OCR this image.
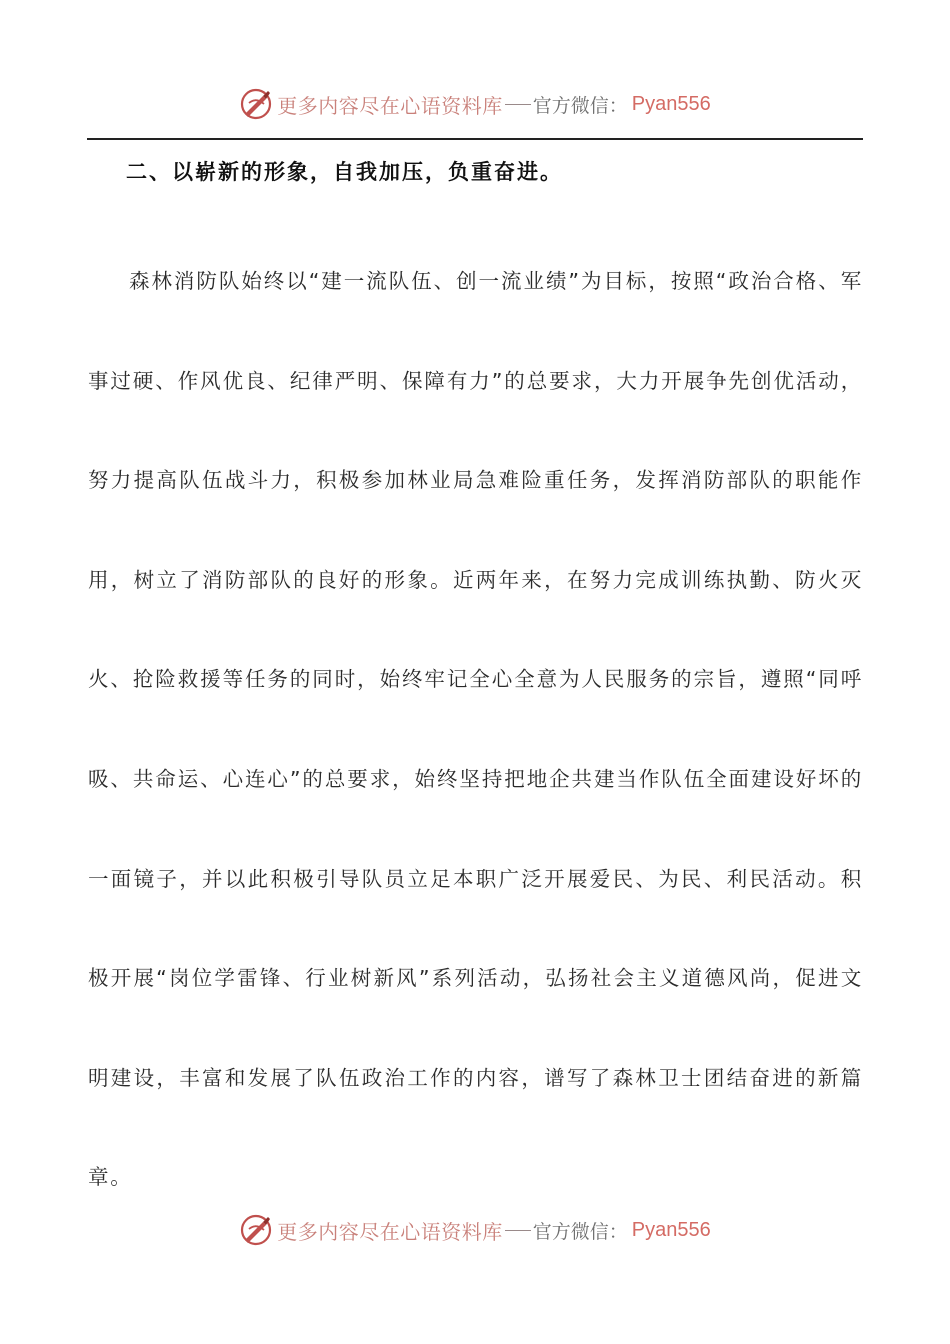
更多内容尽在心语资料库 官方微信： Pyan556
二、以崭新的形象，自我加压，负重奋进。

森林消防队始终以“建一流队伍、创一流业绩”为目标，按照“政治合格、军事过硬、作风优良、纪律严明、保障有力”的总要求，大力开展争先创优活动，努力提高队伍战斗力，积极参加林业局急难险重任务，发挥消防部队的职能作用，树立了消防部队的良好的形象。近两年来，在努力完成训练执勤、防火灭火、抢险救援等任务的同时，始终牢记全心全意为人民服务的宗旨，遵照“同呼吸、共命运、心连心”的总要求，始终坚持把地企共建当作队伍全面建设好坏的一面镜子，并以此积极引导队员立足本职广泛开展爱民、为民、利民活动。积极开展“岗位学雷锋、行业树新风”系列活动，弘扬社会主义道德风尚，促进文明建设，丰富和发展了队伍政治工作的内容，谱写了森林卫士团结奋进的新篇章。

更多内容尽在心语资料库 官方微信： Pyan556
